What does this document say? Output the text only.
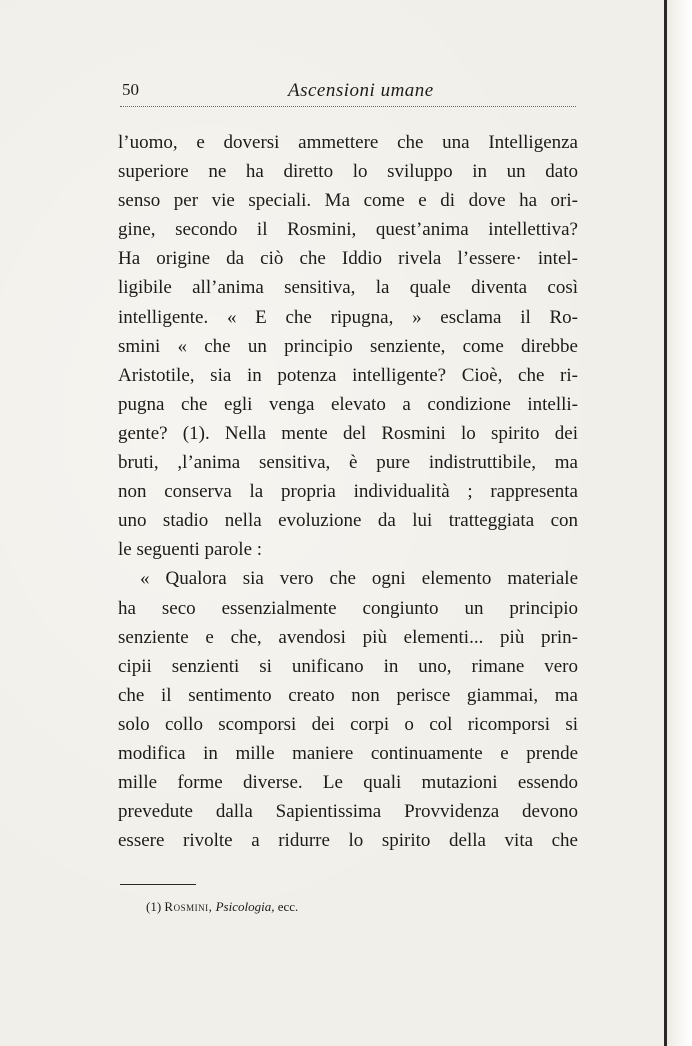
50	Ascensioni umane
l’uomo, e doversi ammettere che una Intelligenza
superiore ne ha diretto lo sviluppo in un dato
senso per vie speciali. Ma come e di dove ha ori-
gine, secondo il Rosmini, quest’anima intellettiva?
Ha origine da ciò che Iddio rivela l’essere· intel-
ligibile all’anima sensitiva, la quale diventa così
intelligente. « E che ripugna, » esclama il Ro-
smini « che un principio senziente, come direbbe
Aristotile, sia in potenza intelligente? Cioè, che ri-
pugna che egli venga elevato a condizione intelli-
gente? (1). Nella mente del Rosmini lo spirito dei
bruti, ,l’anima sensitiva, è pure indistruttibile, ma
non conserva la propria individualità ; rappresenta
uno stadio nella evoluzione da lui tratteggiata con
le seguenti parole :
« Qualora sia vero che ogni elemento materiale
ha seco essenzialmente congiunto un principio
senziente e che, avendosi più elementi... più prin-
cipii senzienti si unificano in uno, rimane vero
che il sentimento creato non perisce giammai, ma
solo collo scomporsi dei corpi o col ricomporsi si
modifica in mille maniere continuamente e prende
mille forme diverse. Le quali mutazioni essendo
prevedute dalla Sapientissima Provvidenza devono
essere rivolte a ridurre lo spirito della vita che
(1) Rosmini, Psicologia, ecc.
